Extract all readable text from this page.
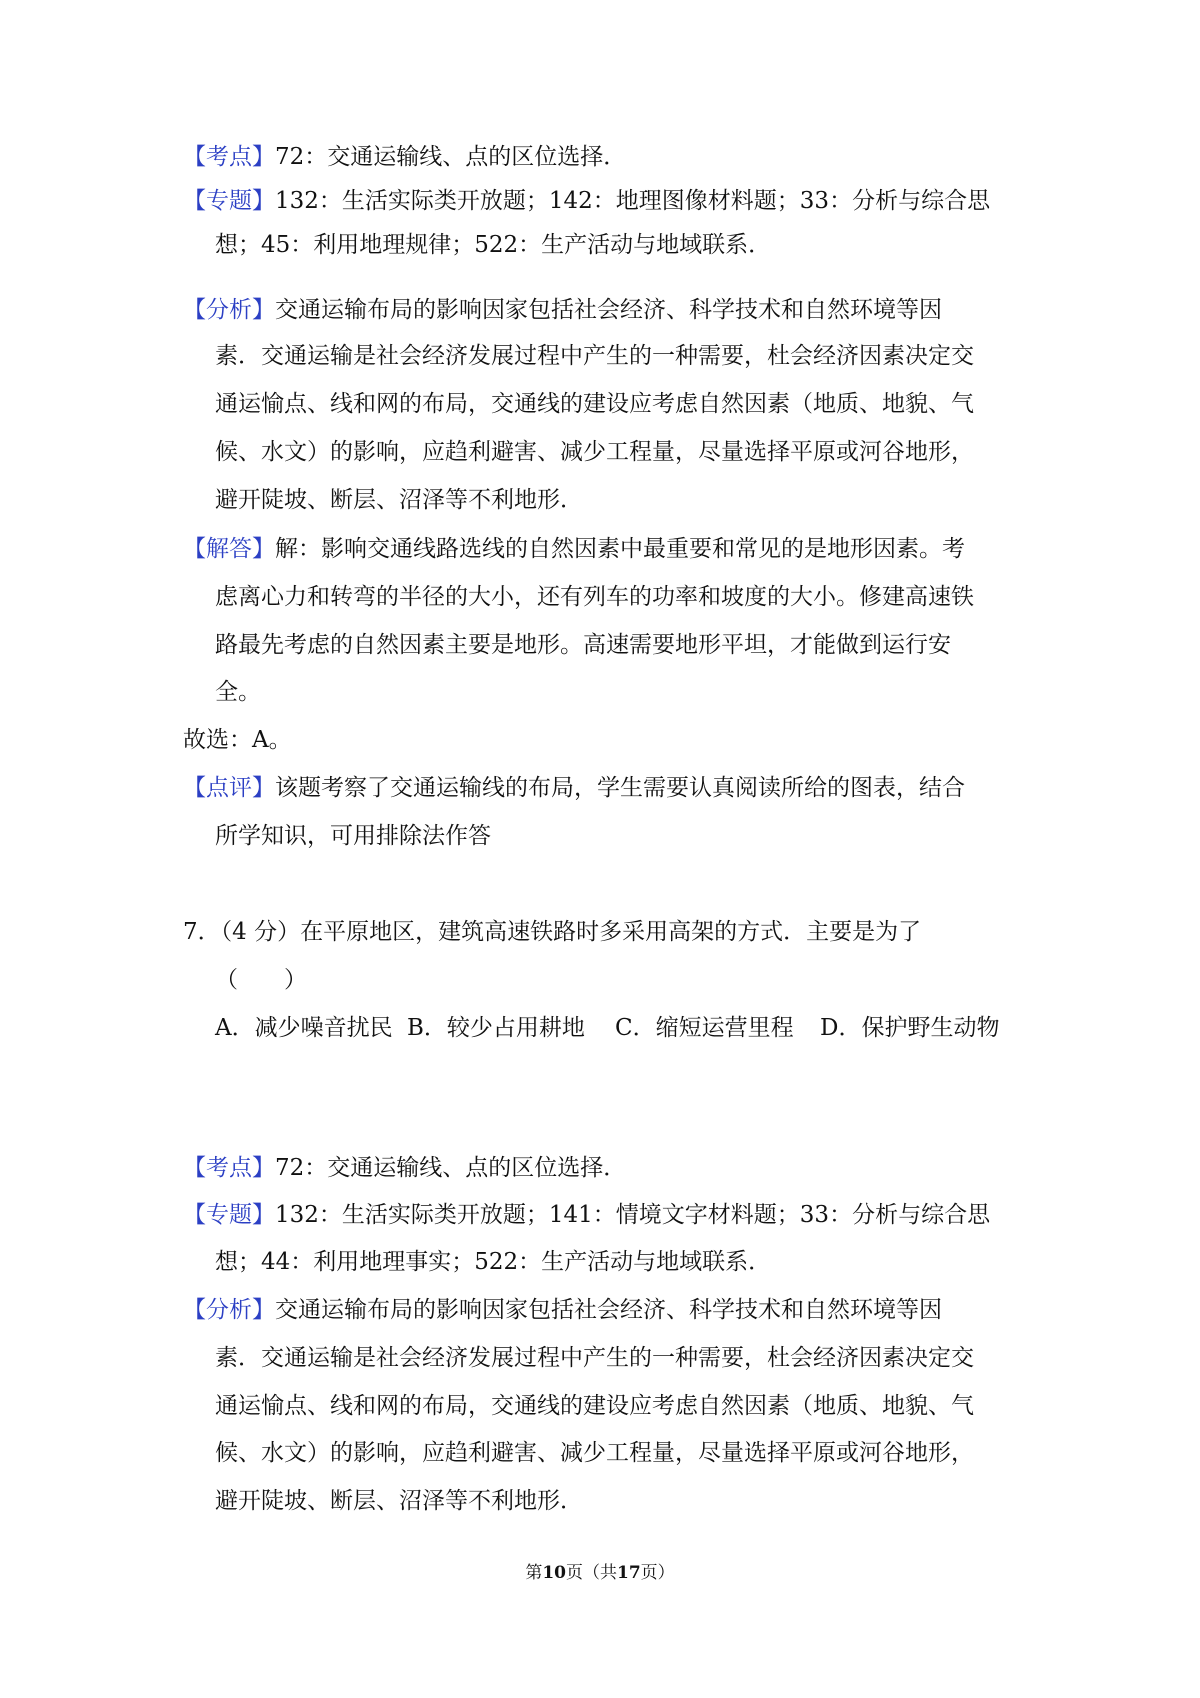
【考点】72：交通运输线、点的区位选择．
【专题】132：生活实际类开放题；142：地理图像材料题；33：分析与综合思
想；45：利用地理规律；522：生产活动与地域联系．
【分析】交通运输布局的影响因家包括社会经济、科学技术和自然环境等因
素．交通运输是社会经济发展过程中产生的一种需要，杜会经济因素决定交
通运愉点、线和网的布局，交通线的建设应考虑自然因素（地质、地貌、气
候、水文）的影响，应趋利避害、减少工程量，尽量选择平原或河谷地形，
避开陡坡、断层、沼泽等不利地形．
【解答】解：影响交通线路选线的自然因素中最重要和常见的是地形因素。考
虑离心力和转弯的半径的大小，还有列车的功率和坡度的大小。修建高速铁
路最先考虑的自然因素主要是地形。高速需要地形平坦，才能做到运行安
全。
故选：A。
【点评】该题考察了交通运输线的布局，学生需要认真阅读所给的图表，结合
所学知识，可用排除法作答
7．（4 分）在平原地区，建筑高速铁路时多采用高架的方式．主要是为了
（　　）
A．减少噪音扰民 B．较少占用耕地 C．缩短运营里程 D．保护野生动物
【考点】72：交通运输线、点的区位选择．
【专题】132：生活实际类开放题；141：情境文字材料题；33：分析与综合思
想；44：利用地理事实；522：生产活动与地域联系．
【分析】交通运输布局的影响因家包括社会经济、科学技术和自然环境等因
素．交通运输是社会经济发展过程中产生的一种需要，杜会经济因素决定交
通运愉点、线和网的布局，交通线的建设应考虑自然因素（地质、地貌、气
候、水文）的影响，应趋利避害、减少工程量，尽量选择平原或河谷地形，
避开陡坡、断层、沼泽等不利地形．
第10页（共17页）
